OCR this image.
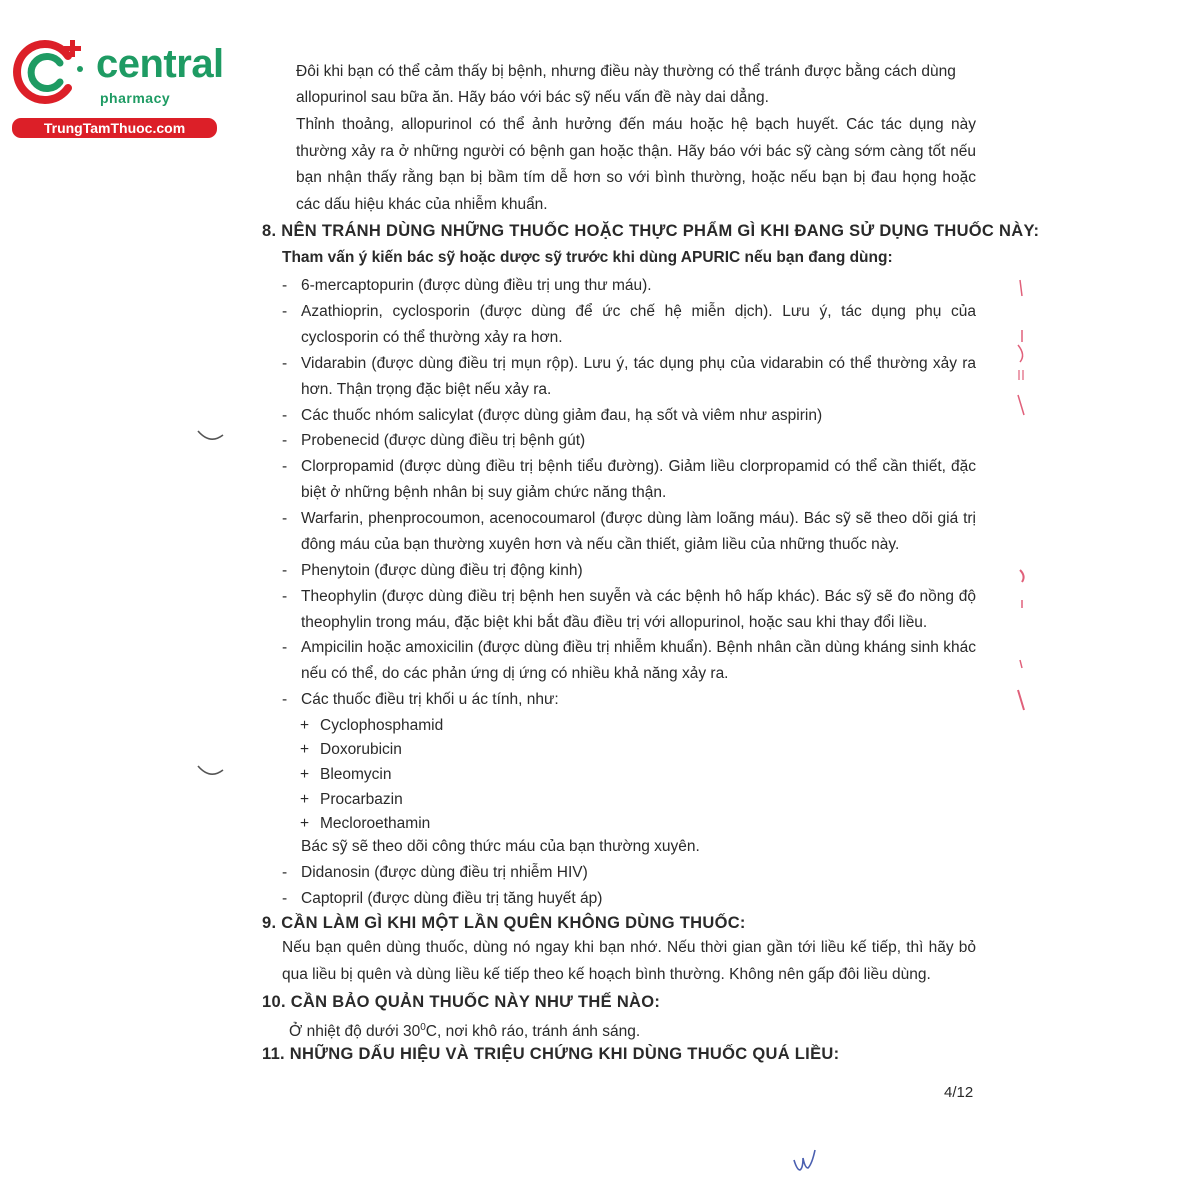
central
pharmacy
TrungTamThuoc.com
Đôi khi bạn có thể cảm thấy bị bệnh, nhưng điều này thường có thể tránh được bằng cách dùng
allopurinol sau bữa ăn. Hãy báo với bác sỹ nếu vấn đề này dai dẳng.

Thỉnh thoảng, allopurinol có thể ảnh hưởng đến máu hoặc hệ bạch huyết. Các tác dụng này thường xảy ra ở những người có bệnh gan hoặc thận. Hãy báo với bác sỹ càng sớm càng tốt nếu bạn nhận thấy rằng bạn bị bầm tím dễ hơn so với bình thường, hoặc nếu bạn bị đau họng hoặc các dấu hiệu khác của nhiễm khuẩn.

8. NÊN TRÁNH DÙNG NHỮNG THUỐC HOẶC THỰC PHẨM GÌ KHI ĐANG SỬ DỤNG THUỐC NÀY:
Tham vấn ý kiến bác sỹ hoặc dược sỹ trước khi dùng APURIC nếu bạn đang dùng:
- 6-mercaptopurin (được dùng điều trị ung thư máu).
- Azathioprin, cyclosporin (được dùng để ức chế hệ miễn dịch). Lưu ý, tác dụng phụ của cyclosporin có thể thường xảy ra hơn.
- Vidarabin (được dùng điều trị mụn rộp). Lưu ý, tác dụng phụ của vidarabin có thể thường xảy ra hơn. Thận trọng đặc biệt nếu xảy ra.
- Các thuốc nhóm salicylat (được dùng giảm đau, hạ sốt và viêm như aspirin)
- Probenecid (được dùng điều trị bệnh gút)
- Clorpropamid (được dùng điều trị bệnh tiểu đường). Giảm liều clorpropamid có thể cần thiết, đặc biệt ở những bệnh nhân bị suy giảm chức năng thận.
- Warfarin, phenprocoumon, acenocoumarol (được dùng làm loãng máu). Bác sỹ sẽ theo dõi giá trị đông máu của bạn thường xuyên hơn và nếu cần thiết, giảm liều của những thuốc này.
- Phenytoin (được dùng điều trị động kinh)
- Theophylin (được dùng điều trị bệnh hen suyễn và các bệnh hô hấp khác). Bác sỹ sẽ đo nồng độ theophylin trong máu, đặc biệt khi bắt đầu điều trị với allopurinol, hoặc sau khi thay đổi liều.
- Ampicilin hoặc amoxicilin (được dùng điều trị nhiễm khuẩn). Bệnh nhân cần dùng kháng sinh khác nếu có thể, do các phản ứng dị ứng có nhiều khả năng xảy ra.
- Các thuốc điều trị khối u ác tính, như:
+ Cyclophosphamid
+ Doxorubicin
+ Bleomycin
+ Procarbazin
+ Mecloroethamin
Bác sỹ sẽ theo dõi công thức máu của bạn thường xuyên.
- Didanosin (được dùng điều trị nhiễm HIV)
- Captopril (được dùng điều trị tăng huyết áp)
9. CẦN LÀM GÌ KHI MỘT LẦN QUÊN KHÔNG DÙNG THUỐC:
Nếu bạn quên dùng thuốc, dùng nó ngay khi bạn nhớ. Nếu thời gian gần tới liều kế tiếp, thì hãy bỏ qua liều bị quên và dùng liều kế tiếp theo kế hoạch bình thường. Không nên gấp đôi liều dùng.
10. CẦN BẢO QUẢN THUỐC NÀY NHƯ THẾ NÀO:
Ở nhiệt độ dưới $30^0C$, nơi khô ráo, tránh ánh sáng.
11. NHỮNG DẤU HIỆU VÀ TRIỆU CHỨNG KHI DÙNG THUỐC QUÁ LIỀU:
4/12
